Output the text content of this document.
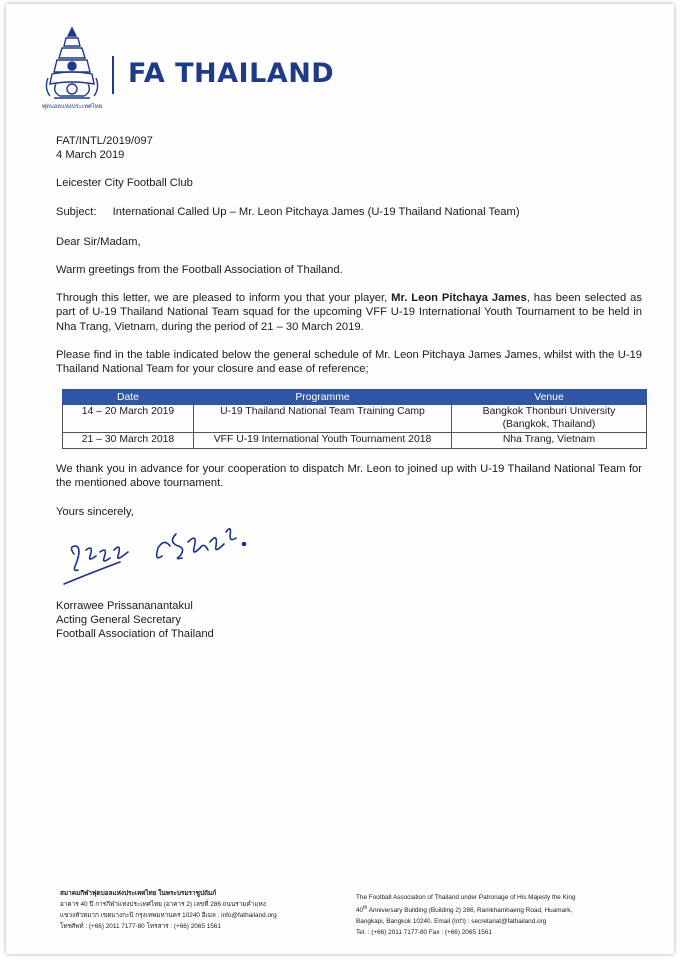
ฟุตบอลแห่งประเทศไทย
FA THAILAND
FAT/INTL/2019/097
4 March 2019
Leicester City Football Club
Subject: International Called Up – Mr. Leon Pitchaya James (U-19 Thailand National Team)
Dear Sir/Madam,
Warm greetings from the Football Association of Thailand.
Through this letter, we are pleased to inform you that your player, Mr. Leon Pitchaya James, has been selected as part of U-19 Thailand National Team squad for the upcoming VFF U-19 International Youth Tournament to be held in Nha Trang, Vietnam, during the period of 21 – 30 March 2019.
Please find in the table indicated below the general schedule of Mr. Leon Pitchaya James James, whilst with the U-19 Thailand National Team for your closure and ease of reference;
Date	Programme	Venue
14 – 20 March 2019	U-19 Thailand National Team Training Camp	Bangkok Thonburi University
(Bangkok, Thailand)
21 – 30 March 2018	VFF U-19 International Youth Tournament 2018	Nha Trang, Vietnam
We thank you in advance for your cooperation to dispatch Mr. Leon to joined up with U-19 Thailand National Team for the mentioned above tournament.
Yours sincerely,
Korrawee Prissananantakul
Acting General Secretary
Football Association of Thailand
สมาคมกีฬาฟุตบอลแห่งประเทศไทย ในพระบรมราชูปถัมภ์
อาคาร 40 ปี การกีฬาแห่งประเทศไทย (อาคาร 2) เลขที่ 286 ถนนรามคำแหง
แขวงหัวหมาก เขตบางกะปิ กรุงเทพมหานคร 10240 อีเมล : info@fathailand.org
โทรศัพท์ : (+66) 2011 7177-80 โทรสาร : (+66) 2065 1561
The Football Association of Thailand under Patronage of His Majesty the King
40th Anniversary Building (Building 2) 286, Ramkhamhaeng Road, Huamark,
Bangkapi, Bangkok 10240. Email (Int'l) : secretariat@fathailand.org
Tel. : (+66) 2011 7177-80 Fax : (+66) 2065 1561
